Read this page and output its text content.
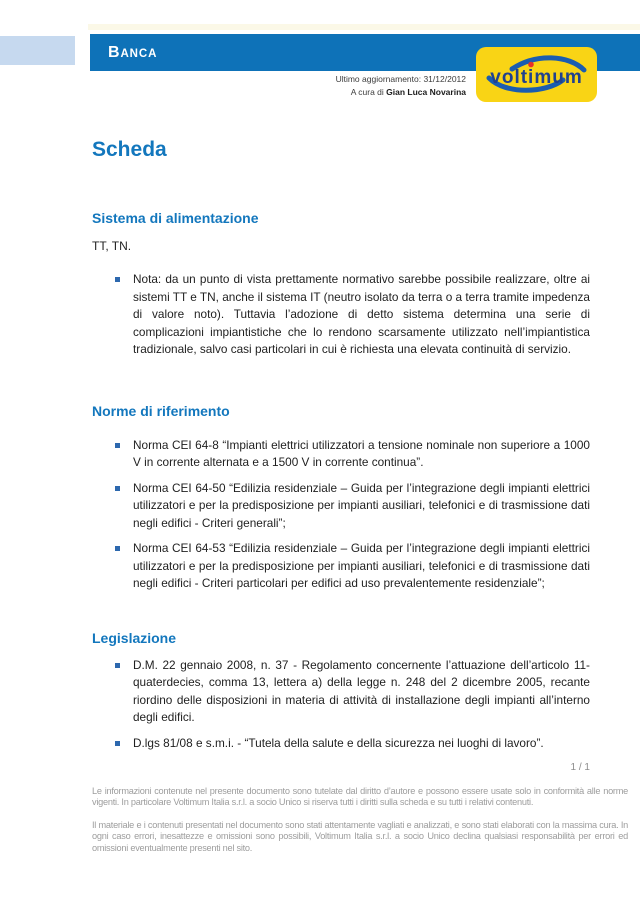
BANCA
Ultimo aggiornamento: 31/12/2012
A cura di Gian Luca Novarina
voltimum
Scheda
Sistema di alimentazione

TT, TN.

Nota: da un punto di vista prettamente normativo sarebbe possibile realizzare, oltre ai sistemi TT e TN, anche il sistema IT (neutro isolato da terra o a terra tramite impedenza di valore noto). Tuttavia l’adozione di detto sistema determina una serie di complicazioni impiantistiche che lo rendono scarsamente utilizzato nell’impiantistica tradizionale, salvo casi particolari in cui è richiesta una elevata continuità di servizio.
Norme di riferimento
Norma CEI 64-8 “Impianti elettrici utilizzatori a tensione nominale non superiore a 1000 V in corrente alternata e a 1500 V in corrente continua”.
Norma CEI 64-50 “Edilizia residenziale – Guida per l’integrazione degli impianti elettrici utilizzatori e per la predisposizione per impianti ausiliari, telefonici e di trasmissione dati negli edifici - Criteri generali”;
Norma CEI 64-53 “Edilizia residenziale – Guida per l’integrazione degli impianti elettrici utilizzatori e per la predisposizione per impianti ausiliari, telefonici e di trasmissione dati negli edifici - Criteri particolari per edifici ad uso prevalentemente residenziale”;
Legislazione
D.M. 22 gennaio 2008, n. 37 - Regolamento concernente l’attuazione dell’articolo 11-quaterdecies, comma 13, lettera a) della legge n. 248 del 2 dicembre 2005, recante riordino delle disposizioni in materia di attività di installazione degli impianti all’interno degli edifici.
D.lgs 81/08 e s.m.i. - “Tutela della salute e della sicurezza nei luoghi di lavoro”.
1 / 1

Le informazioni contenute nel presente documento sono tutelate dal diritto d’autore e possono essere usate solo in conformità alle norme vigenti. In particolare Voltimum Italia s.r.l. a socio Unico si riserva tutti i diritti sulla scheda e su tutti i relativi contenuti.

Il materiale e i contenuti presentati nel documento sono stati attentamente vagliati e analizzati, e sono stati elaborati con la massima cura. In ogni caso errori, inesattezze e omissioni sono possibili, Voltimum Italia s.r.l. a socio Unico declina qualsiasi responsabilità per errori ed omissioni eventualmente presenti nel sito.
